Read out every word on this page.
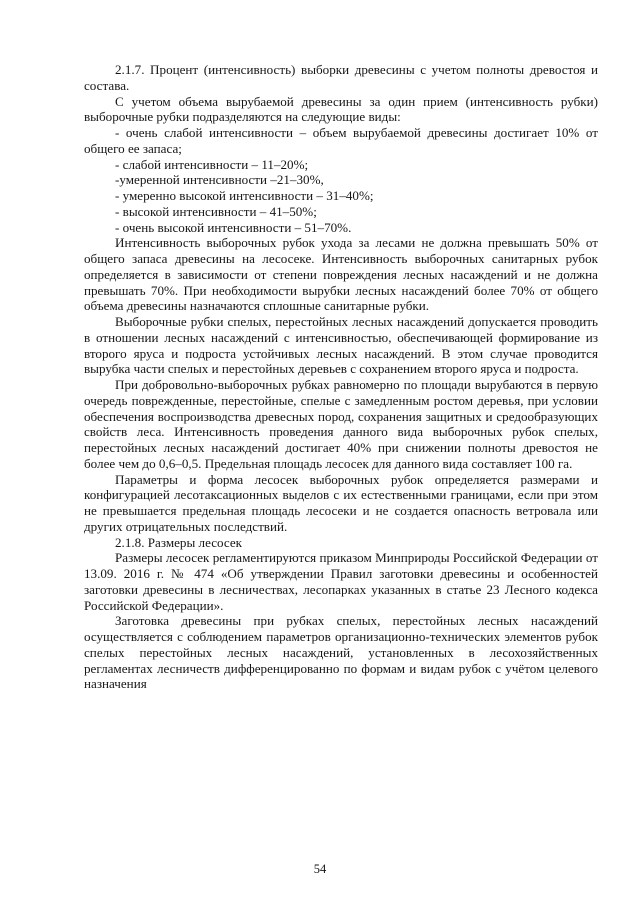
2.1.7. Процент (интенсивность) выборки древесины с учетом полноты древостоя и состава.

С учетом объема вырубаемой древесины за один прием (интенсивность рубки) выборочные рубки подразделяются на следующие виды:

- очень слабой интенсивности – объем вырубаемой древесины достигает 10% от общего ее запаса;

- слабой интенсивности – 11–20%;

-умеренной интенсивности –21–30%,

- умеренно высокой интенсивности – 31–40%;

- высокой интенсивности – 41–50%;

- очень высокой интенсивности – 51–70%.

Интенсивность выборочных рубок ухода за лесами не должна превышать 50% от общего запаса древесины на лесосеке. Интенсивность выборочных санитарных рубок определяется в зависимости от степени повреждения лесных насаждений и не должна превышать 70%. При необходимости вырубки лесных насаждений более 70% от общего объема древесины назначаются сплошные санитарные рубки.

Выборочные рубки спелых, перестойных лесных насаждений допускается проводить в отношении лесных насаждений с интенсивностью, обеспечивающей формирование из второго яруса и подроста устойчивых лесных насаждений. В этом случае проводится вырубка части спелых и перестойных деревьев с сохранением второго яруса и подроста.

При добровольно-выборочных рубках равномерно по площади вырубаются в первую очередь поврежденные, перестойные, спелые с замедленным ростом деревья, при условии обеспечения воспроизводства древесных пород, сохранения защитных и средообразующих свойств леса. Интенсивность проведения данного вида выборочных рубок спелых, перестойных лесных насаждений достигает 40% при снижении полноты древостоя не более чем до 0,6–0,5. Предельная площадь лесосек для данного вида составляет 100 га.

Параметры и форма лесосек выборочных рубок определяется размерами и конфигурацией лесотаксационных выделов с их естественными границами, если при этом не превышается предельная площадь лесосеки и не создается опасность ветровала или других отрицательных последствий.

2.1.8. Размеры лесосек

Размеры лесосек регламентируются приказом Минприроды Российской Федерации от 13.09. 2016 г. № 474 «Об утверждении Правил заготовки древесины и особенностей заготовки древесины в лесничествах, лесопарках указанных в статье 23 Лесного кодекса Российской Федерации».

Заготовка древесины при рубках спелых, перестойных лесных насаждений осуществляется с соблюдением параметров организационно-технических элементов рубок спелых перестойных лесных насаждений, установленных в лесохозяйственных регламентах лесничеств дифференцированно по формам и видам рубок с учётом целевого назначения

54
